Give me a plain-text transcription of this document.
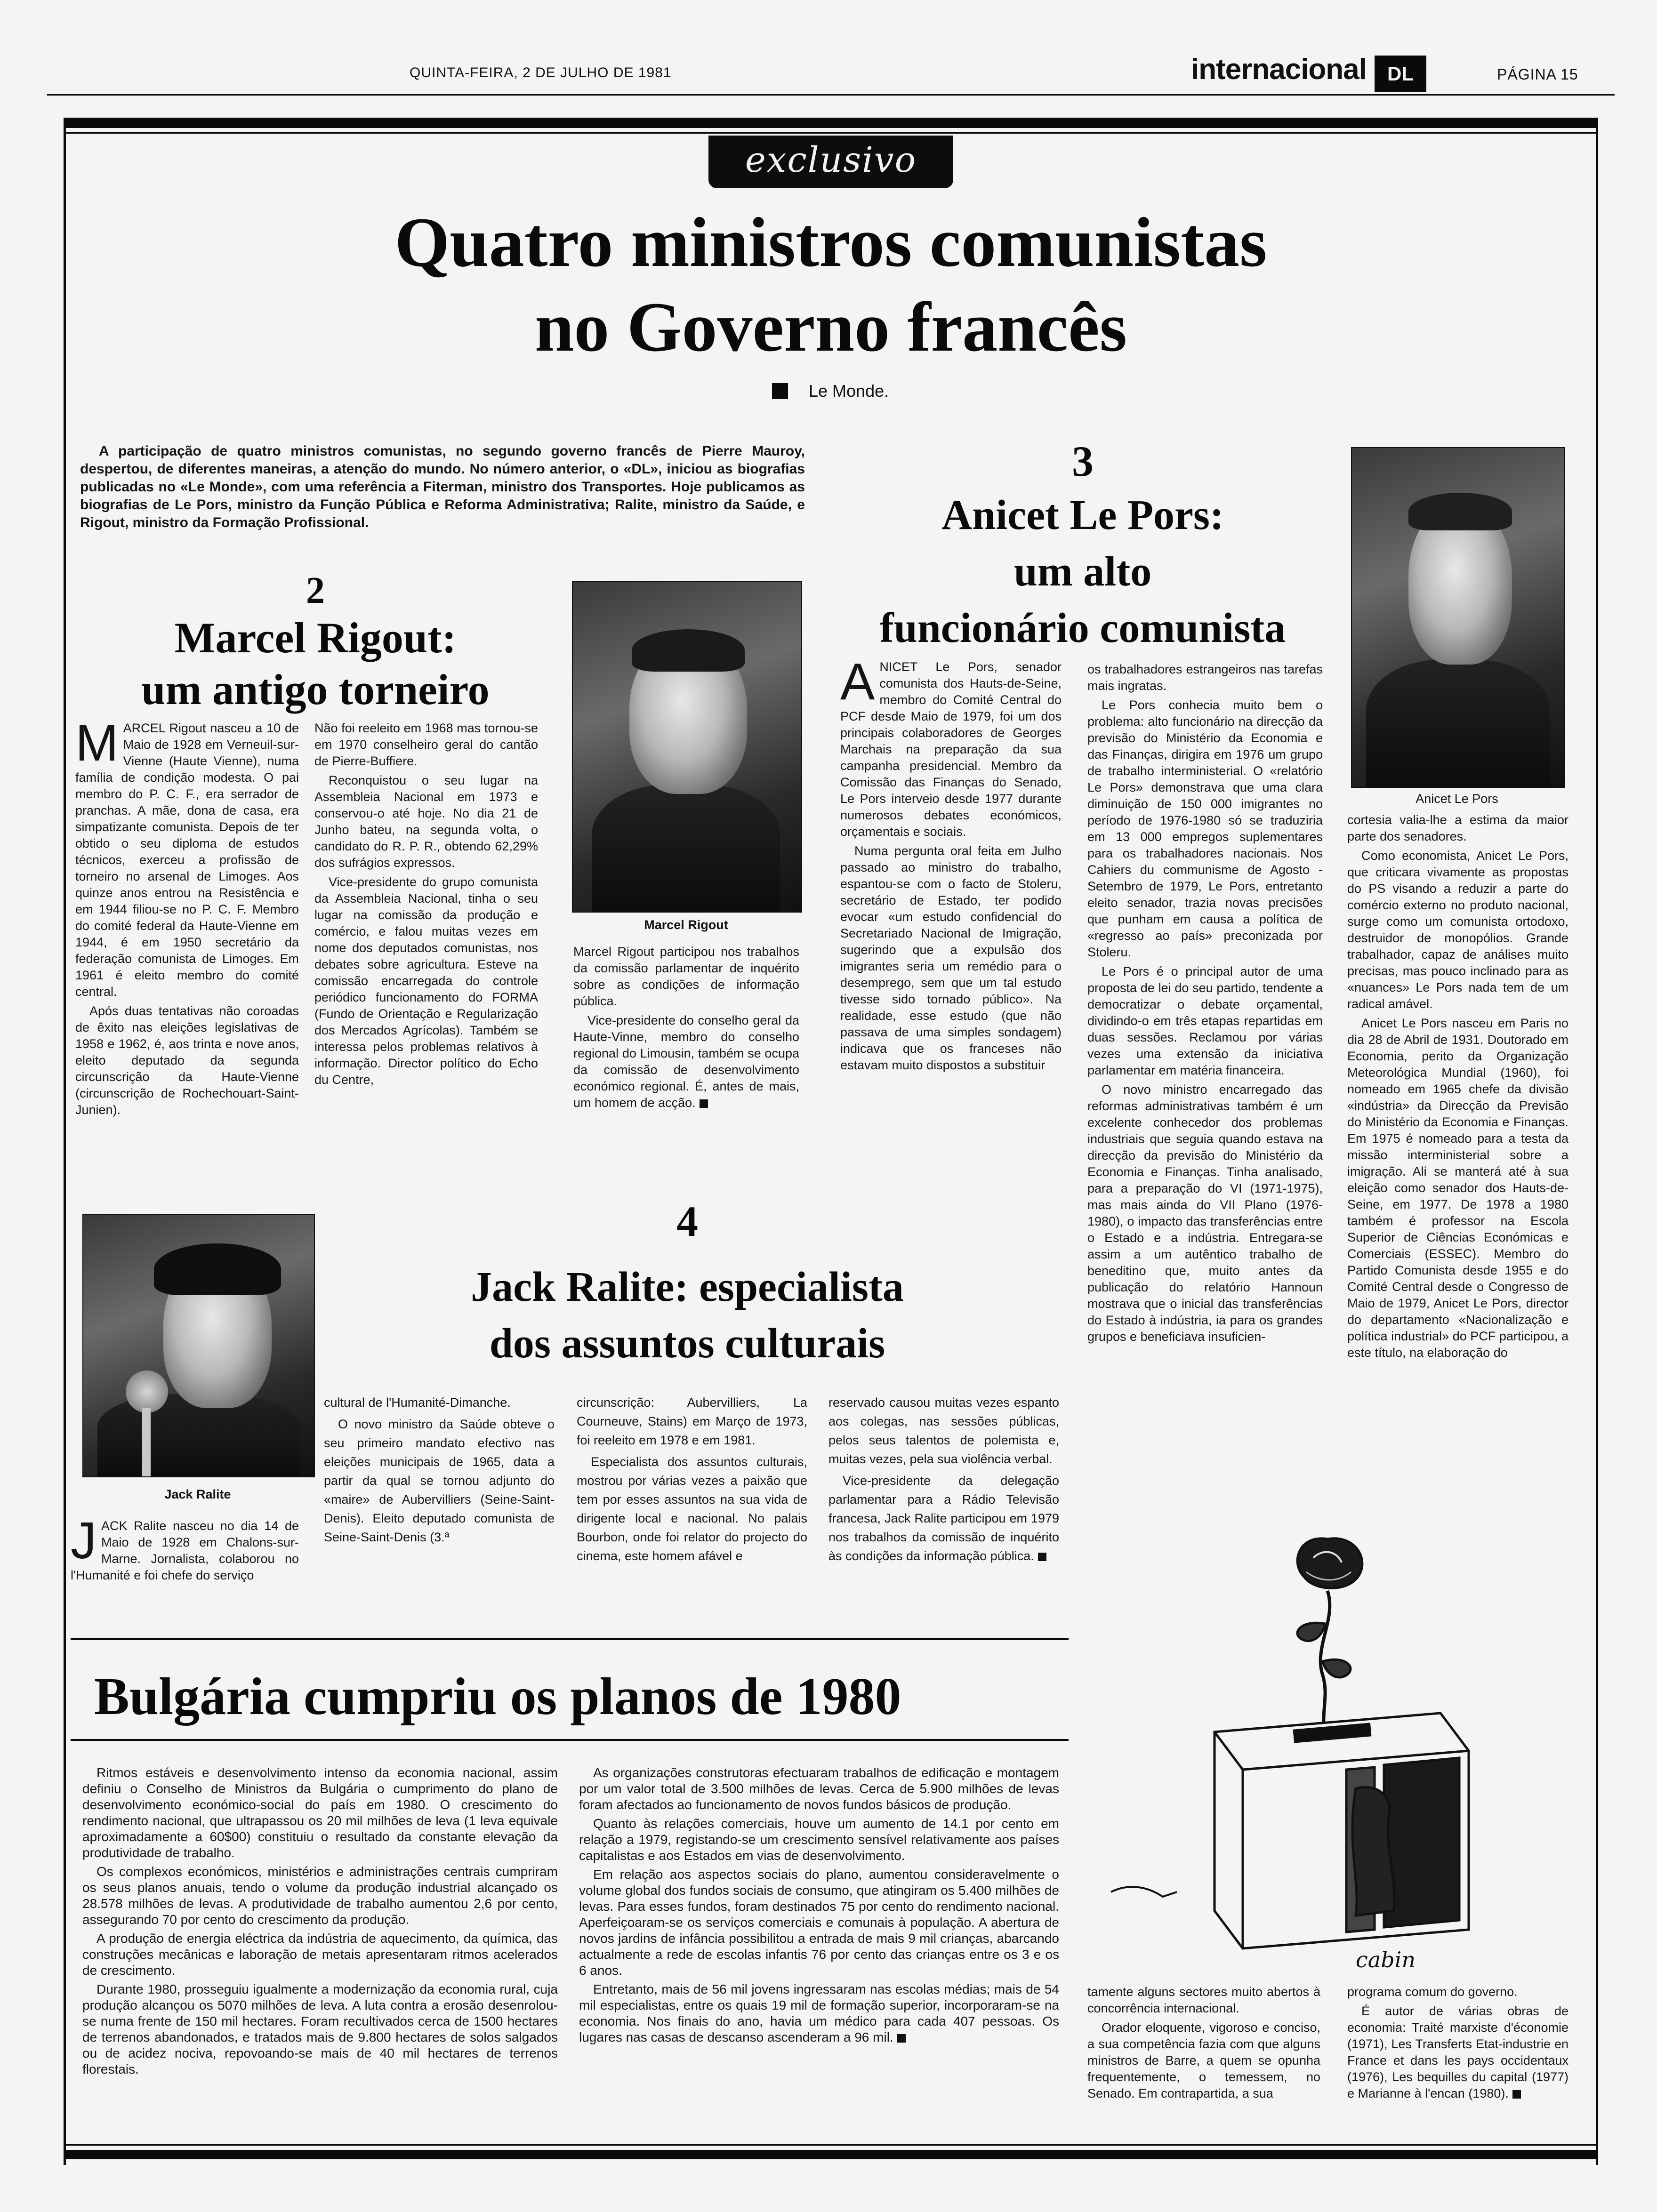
QUINTA-FEIRA, 2 DE JULHO DE 1981	internacional	DL	PÁGINA 15
exclusivo
Quatro ministros comunistas
no Governo francês
Le Monde.

A participação de quatro ministros comunistas, no segundo governo francês de Pierre Mauroy, despertou, de diferentes maneiras, a atenção do mundo. No número anterior, o «DL», iniciou as biografias publicadas no «Le Monde», com uma referência a Fiterman, ministro dos Transportes. Hoje publicamos as biografias de Le Pors, ministro da Função Pública e Reforma Administrativa; Ralite, ministro da Saúde, e Rigout, ministro da Formação Profissional.

2
Marcel Rigout:
um antigo torneiro

MARCEL Rigout nasceu a 10 de Maio de 1928 em Verneuil-sur-Vienne (Haute Vienne), numa família de condição modesta. O pai membro do P. C. F., era serrador de pranchas. A mãe, dona de casa, era simpatizante comunista. Depois de ter obtido o seu diploma de estudos técnicos, exerceu a profissão de torneiro no arsenal de Limoges. Aos quinze anos entrou na Resistência e em 1944 filiou-se no P. C. F. Membro do comité federal da Haute-Vienne em 1944, é em 1950 secretário da federação comunista de Limoges. Em 1961 é eleito membro do comité central.

Após duas tentativas não coroadas de êxito nas eleições legislativas de 1958 e 1962, é, aos trinta e nove anos, eleito deputado da segunda circunscrição da Haute-Vienne (circunscrição de Rochechouart-Saint-Junien).

Não foi reeleito em 1968 mas tornou-se em 1970 conselheiro geral do cantão de Pierre-Buffiere.

Reconquistou o seu lugar na Assembleia Nacional em 1973 e conservou-o até hoje. No dia 21 de Junho bateu, na segunda volta, o candidato do R. P. R., obtendo 62,29% dos sufrágios expressos.

Vice-presidente do grupo comunista da Assembleia Nacional, tinha o seu lugar na comissão da produção e comércio, e falou muitas vezes em nome dos deputados comunistas, nos debates sobre agricultura. Esteve na comissão encarregada do controle periódico funcionamento do FORMA (Fundo de Orientação e Regularização dos Mercados Agrícolas). Também se interessa pelos problemas relativos à informação. Director político do Echo du Centre,

Marcel Rigout

Marcel Rigout participou nos trabalhos da comissão parlamentar de inquérito sobre as condições de informação pública.

Vice-presidente do conselho geral da Haute-Vinne, membro do conselho regional do Limousin, também se ocupa da comissão de desenvolvimento económico regional. É, antes de mais, um homem de acção.

3
Anicet Le Pors:
um alto
funcionário comunista

ANICET Le Pors, senador comunista dos Hauts-de-Seine, membro do Comité Central do PCF desde Maio de 1979, foi um dos principais colaboradores de Georges Marchais na preparação da sua campanha presidencial. Membro da Comissão das Finanças do Senado, Le Pors interveio desde 1977 durante numerosos debates económicos, orçamentais e sociais.

Numa pergunta oral feita em Julho passado ao ministro do trabalho, espantou-se com o facto de Stoleru, secretário de Estado, ter podido evocar «um estudo confidencial do Secretariado Nacional de Imigração, sugerindo que a expulsão dos imigrantes seria um remédio para o desemprego, sem que um tal estudo tivesse sido tornado público». Na realidade, esse estudo (que não passava de uma simples sondagem) indicava que os franceses não estavam muito dispostos a substituir

os trabalhadores estrangeiros nas tarefas mais ingratas.

Le Pors conhecia muito bem o problema: alto funcionário na direcção da previsão do Ministério da Economia e das Finanças, dirigira em 1976 um grupo de trabalho interministerial. O «relatório Le Pors» demonstrava que uma clara diminuição de 150 000 imigrantes no período de 1976-1980 só se traduziria em 13 000 empregos suplementares para os trabalhadores nacionais. Nos Cahiers du communisme de Agosto - Setembro de 1979, Le Pors, entretanto eleito senador, trazia novas precisões que punham em causa a política de «regresso ao país» preconizada por Stoleru.

Le Pors é o principal autor de uma proposta de lei do seu partido, tendente a democratizar o debate orçamental, dividindo-o em três etapas repartidas em duas sessões. Reclamou por várias vezes uma extensão da iniciativa parlamentar em matéria financeira.

O novo ministro encarregado das reformas administrativas também é um excelente conhecedor dos problemas industriais que seguia quando estava na direcção da previsão do Ministério da Economia e Finanças. Tinha analisado, para a preparação do VI (1971-1975), mas mais ainda do VII Plano (1976-1980), o impacto das transferências entre o Estado e a indústria. Entregara-se assim a um autêntico trabalho de beneditino que, muito antes da publicação do relatório Hannoun mostrava que o inicial das transferências do Estado à indústria, ia para os grandes grupos e beneficiava insuficien-

Anicet Le Pors

cortesia valia-lhe a estima da maior parte dos senadores.

Como economista, Anicet Le Pors, que criticara vivamente as propostas do PS visando a reduzir a parte do comércio externo no produto nacional, surge como um comunista ortodoxo, destruidor de monopólios. Grande trabalhador, capaz de análises muito precisas, mas pouco inclinado para as «nuances» Le Pors nada tem de um radical amável.

Anicet Le Pors nasceu em Paris no dia 28 de Abril de 1931. Doutorado em Economia, perito da Organização Meteorológica Mundial (1960), foi nomeado em 1965 chefe da divisão «indústria» da Direcção da Previsão do Ministério da Economia e Finanças. Em 1975 é nomeado para a testa da missão interministerial sobre a imigração. Ali se manterá até à sua eleição como senador dos Hauts-de-Seine, em 1977. De 1978 a 1980 também é professor na Escola Superior de Ciências Económicas e Comerciais (ESSEC). Membro do Partido Comunista desde 1955 e do Comité Central desde o Congresso de Maio de 1979, Anicet Le Pors, director do departamento «Nacionalização e política industrial» do PCF participou, a este título, na elaboração do

4
Jack Ralite: especialista
dos assuntos culturais
Jack Ralite

JACK Ralite nasceu no dia 14 de Maio de 1928 em Chalons-sur-Marne. Jornalista, colaborou no l'Humanité e foi chefe do serviço

cultural de l'Humanité-Dimanche.

O novo ministro da Saúde obteve o seu primeiro mandato efectivo nas eleições municipais de 1965, data a partir da qual se tornou adjunto do «maire» de Aubervilliers (Seine-Saint-Denis). Eleito deputado comunista de Seine-Saint-Denis (3.ª

circunscrição: Aubervilliers, La Courneuve, Stains) em Março de 1973, foi reeleito em 1978 e em 1981.

Especialista dos assuntos culturais, mostrou por várias vezes a paixão que tem por esses assuntos na sua vida de dirigente local e nacional. No palais Bourbon, onde foi relator do projecto do cinema, este homem afável e

reservado causou muitas vezes espanto aos colegas, nas sessões públicas, pelos seus talentos de polemista e, muitas vezes, pela sua violência verbal.

Vice-presidente da delegação parlamentar para a Rádio Televisão francesa, Jack Ralite participou em 1979 nos trabalhos da comissão de inquérito às condições da informação pública.

Bulgária cumpriu os planos de 1980

Ritmos estáveis e desenvolvimento intenso da economia nacional, assim definiu o Conselho de Ministros da Bulgária o cumprimento do plano de desenvolvimento económico-social do país em 1980. O crescimento do rendimento nacional, que ultrapassou os 20 mil milhões de leva (1 leva equivale aproximadamente a 60$00) constituiu o resultado da constante elevação da produtividade de trabalho.

Os complexos económicos, ministérios e administrações centrais cumpriram os seus planos anuais, tendo o volume da produção industrial alcançado os 28.578 milhões de levas. A produtividade de trabalho aumentou 2,6 por cento, assegurando 70 por cento do crescimento da produção.

A produção de energia eléctrica da indústria de aquecimento, da química, das construções mecânicas e laboração de metais apresentaram ritmos acelerados de crescimento.

Durante 1980, prosseguiu igualmente a modernização da economia rural, cuja produção alcançou os 5070 milhões de leva. A luta contra a erosão desenrolou-se numa frente de 150 mil hectares. Foram recultivados cerca de 1500 hectares de terrenos abandonados, e tratados mais de 9.800 hectares de solos salgados ou de acidez nociva, repovoando-se mais de 40 mil hectares de terrenos florestais.

As organizações construtoras efectuaram trabalhos de edificação e montagem por um valor total de 3.500 milhões de levas. Cerca de 5.900 milhões de levas foram afectados ao funcionamento de novos fundos básicos de produção.

Quanto às relações comerciais, houve um aumento de 14.1 por cento em relação a 1979, registando-se um crescimento sensível relativamente aos países capitalistas e aos Estados em vias de desenvolvimento.

Em relação aos aspectos sociais do plano, aumentou consideravelmente o volume global dos fundos sociais de consumo, que atingiram os 5.400 milhões de levas. Para esses fundos, foram destinados 75 por cento do rendimento nacional. Aperfeiçoaram-se os serviços comerciais e comunais à população. A abertura de novos jardins de infância possibilitou a entrada de mais 9 mil crianças, abarcando actualmente a rede de escolas infantis 76 por cento das crianças entre os 3 e os 6 anos.

Entretanto, mais de 56 mil jovens ingressaram nas escolas médias; mais de 54 mil especialistas, entre os quais 19 mil de formação superior, incorporaram-se na economia. Nos finais do ano, havia um médico para cada 407 pessoas. Os lugares nas casas de descanso ascenderam a 96 mil.

tamente alguns sectores muito abertos à concorrência internacional.

Orador eloquente, vigoroso e conciso, a sua competência fazia com que alguns ministros de Barre, a quem se opunha frequentemente, o temessem, no Senado. Em contrapartida, a sua

programa comum do governo.

É autor de várias obras de economia: Traité marxiste d'économie (1971), Les Transferts Etat-industrie en France et dans les pays occidentaux (1976), Les bequilles du capital (1977) e Marianne à l'encan (1980).

cabin
